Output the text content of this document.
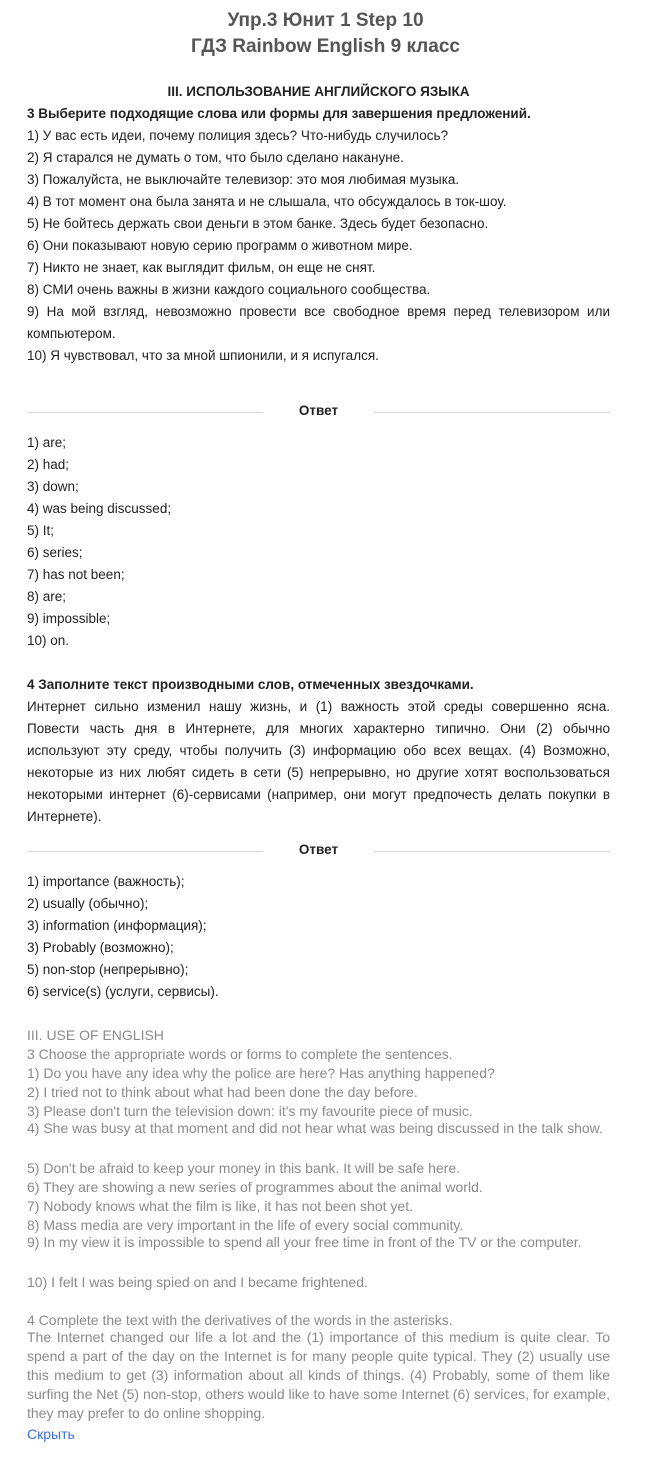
Упр.3 Юнит 1 Step 10
ГДЗ Rainbow English 9 класс
III. ИСПОЛЬЗОВАНИЕ АНГЛИЙСКОГО ЯЗЫКА
3 Выберите подходящие слова или формы для завершения предложений.
1) У вас есть идеи, почему полиция здесь? Что-нибудь случилось?
2) Я старался не думать о том, что было сделано накануне.
3) Пожалуйста, не выключайте телевизор: это моя любимая музыка.
4) В тот момент она была занята и не слышала, что обсуждалось в ток-шоу.
5) Не бойтесь держать свои деньги в этом банке. Здесь будет безопасно.
6) Они показывают новую серию программ о животном мире.
7) Никто не знает, как выглядит фильм, он еще не снят.
8) СМИ очень важны в жизни каждого социального сообщества.
9) На мой взгляд, невозможно провести все свободное время перед телевизором или компьютером.
10) Я чувствовал, что за мной шпионили, и я испугался.
Ответ
1) are;
2) had;
3) down;
4) was being discussed;
5) It;
6) series;
7) has not been;
8) are;
9) impossible;
10) on.
4 Заполните текст производными слов, отмеченных звездочками.
Интернет сильно изменил нашу жизнь, и (1) важность этой среды совершенно ясна. Повести часть дня в Интернете, для многих характерно типично. Они (2) обычно используют эту среду, чтобы получить (3) информацию обо всех вещах. (4) Возможно, некоторые из них любят сидеть в сети (5) непрерывно, но другие хотят воспользоваться некоторыми интернет (6)-сервисами (например, они могут предпочесть делать покупки в Интернете).
Ответ
1) importance (важность);
2) usually (обычно);
3) information (информация);
3) Probably (возможно);
5) non-stop (непрерывно);
6) service(s) (услуги, сервисы).
III. USE OF ENGLISH
3 Choose the appropriate words or forms to complete the sentences.
1) Do you have any idea why the police are here? Has anything happened?
2) I tried not to think about what had been done the day before.
3) Please don't turn the television down: it's my favourite piece of music.
4) She was busy at that moment and did not hear what was being discussed in the talk show.
5) Don't be afraid to keep your money in this bank. It will be safe here.
6) They are showing a new series of programmes about the animal world.
7) Nobody knows what the film is like, it has not been shot yet.
8) Mass media are very important in the life of every social community.
9) In my view it is impossible to spend all your free time in front of the TV or the computer.
10) I felt I was being spied on and I became frightened.
4 Complete the text with the derivatives of the words in the asterisks.
The Internet changed our life a lot and the (1) importance of this medium is quite clear. To spend a part of the day on the Internet is for many people quite typical. They (2) usually use this medium to get (3) information about all kinds of things. (4) Probably, some of them like surfing the Net (5) non-stop, others would like to have some Internet (6) services, for example, they may prefer to do online shopping.
Скрыть
